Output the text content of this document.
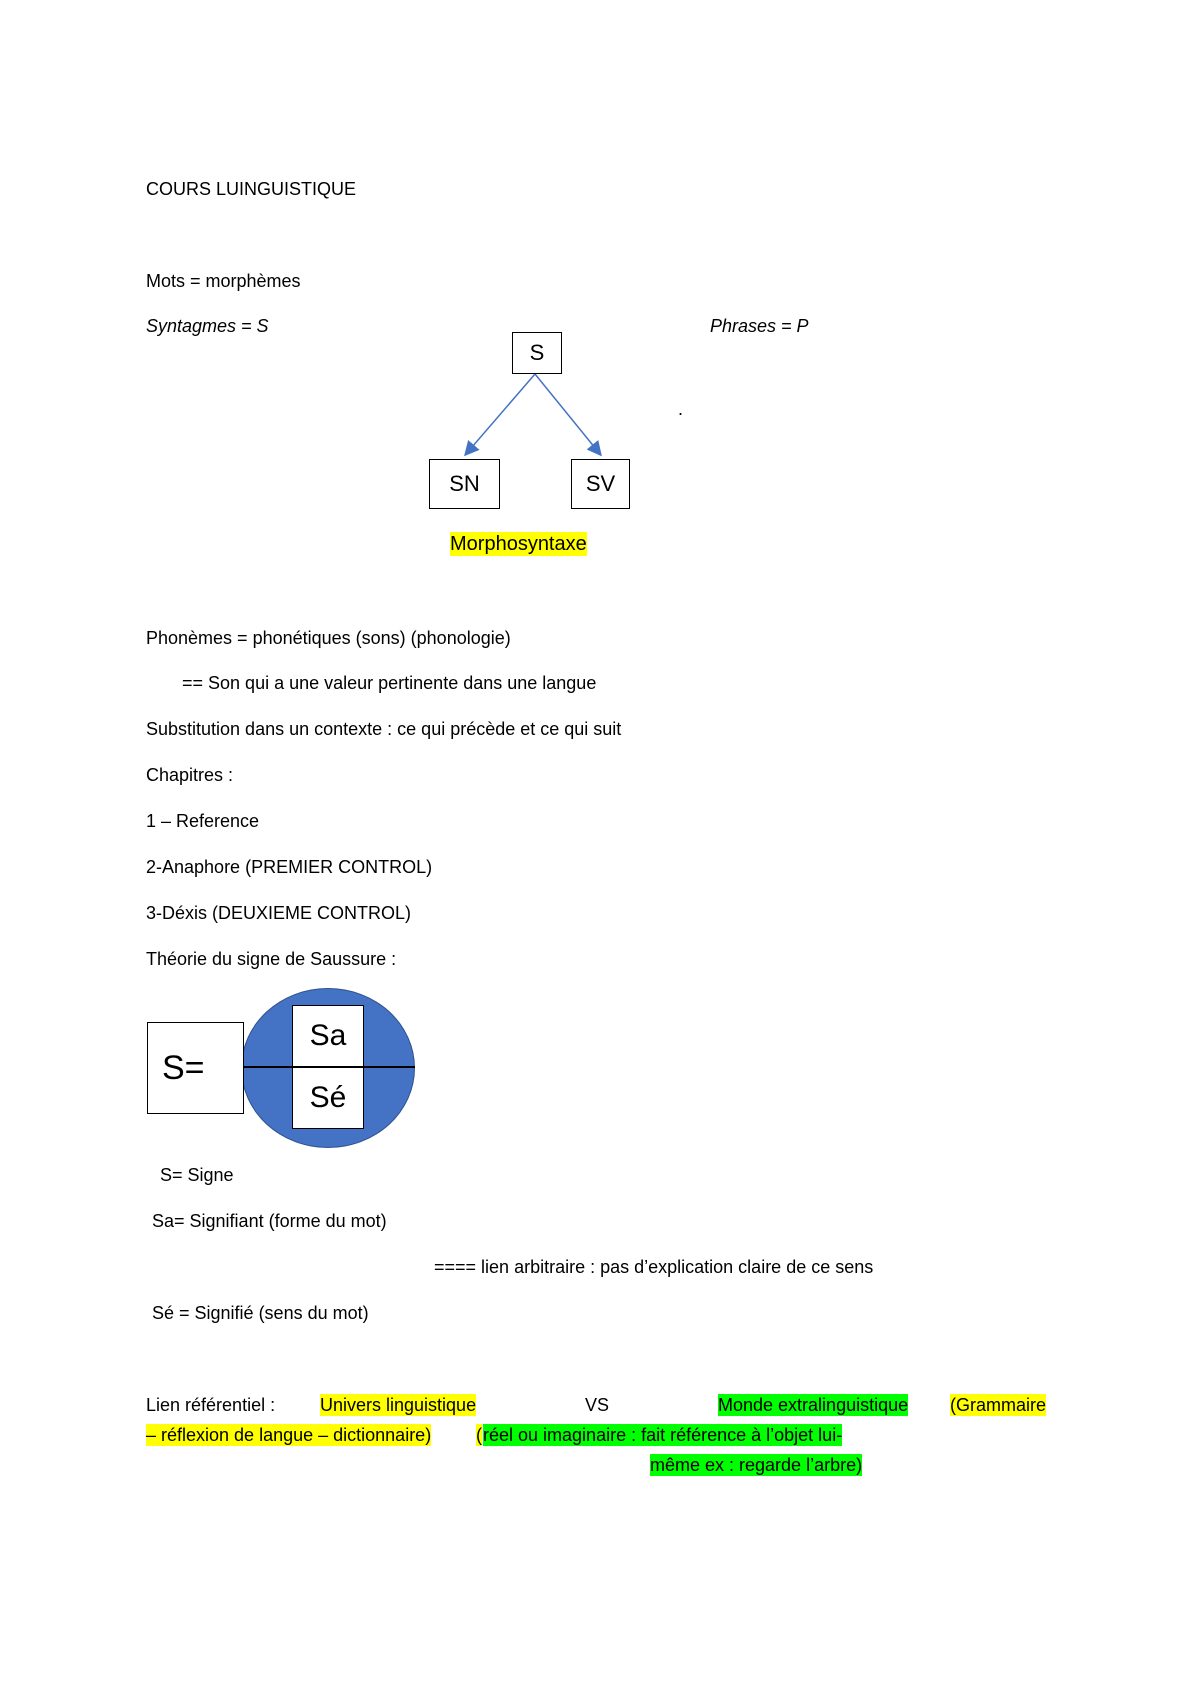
COURS LUINGUISTIQUE
Mots = morphèmes
Syntagmes = S	Phrases = P
.
S
SN	SV
Morphosyntaxe
Phonèmes = phonétiques (sons) (phonologie)
== Son qui a une valeur pertinente dans une langue
Substitution dans un contexte : ce qui précède et ce qui suit
Chapitres :
1 – Reference
2-Anaphore (PREMIER CONTROL)
3-Déxis (DEUXIEME CONTROL)
Théorie du signe de Saussure :
S=
Sa
Sé
S= Signe
Sa= Signifiant (forme du mot)
==== lien arbitraire : pas d’explication claire de ce sens
Sé = Signifié (sens du mot)
Lien référentiel : Univers linguistique	VS	Monde extralinguistique (Grammaire
– réflexion de langue – dictionnaire) ( réel ou imaginaire : fait référence à l’objet lui-
même ex : regarde l’arbre)
